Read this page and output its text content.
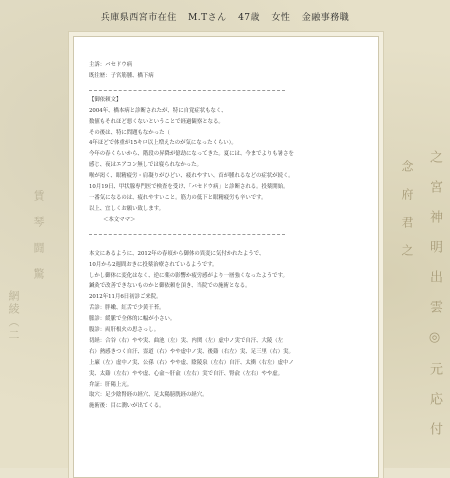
賃　琴　闘　驚
網綾（二	之　宮　神　明　出　雲　◎　元　応　付
念　府　君　之
兵庫県西宮市在住 M.Tさん 47歳 女性 金融事務職
主訴：バセドウ病
既往歴：子宮筋腫、橋下病
【御依頼文】
2004年、橋本病と診断されたが、特に自覚症状もなく、
数値もそれほど悪くないということで経過観察となる。
その後は、特に問題もなかった（
4年ほどで体重が15キロ以上増えたのが気になったくらい）。
今年の春くらいから、階段の昇降が億劫になってきた。夏には、今までよりも暑さを
感じ、夜はエアコン無しでは寝られなかった。
喉が渇く、眼精疲労・肩凝りがひどい、疲れやすい、首が腫れるなどの症状が続く。
10月19日、甲状腺専門医で検査を受け、「バセドウ病」と診断される。投薬開始。
一番気になるのは、疲れやすいこと。筋力の低下と眼精疲労も辛いです。
以上、宜しくお願い致します。
＜本文ママ＞
本文にあるように、2012年の春頃から御体の異変に気付かれたようで、
10月から2週間おきに投薬治療されているようです。
しかし御体に変化はなく、逆に薬の影響か疲労感がより一層強くなったようです。
鍼灸で改善できないものかと御依頼を頂き、当院での施術となる。
2012年11月6日初診ご来院。
舌診：胖嫩、紅舌で少黄干苔。
脈診：緩脈で全体的に幅が小さい。
腹診：両肝根火の思さっし。
切経：合谷（右）やや実、曲池（左）実、内関（左）虚中ノ実で自汗、大陵（左
右）熱感きつく自汗、霊道（右）やや虚中ノ実、後谿（右左）実、足三里（右）実。
上廉（左）虚中ノ実、公孫（右）やや虚、陰陵泉（左右）自汗、太衝（右左）虚中ノ
実、太谿（左右）やや虚、心兪～肝兪（左右）実で自汗、腎兪（左右）やや虚。
弁証：肝陽上亢。
取穴：足少陰腎経の経穴、足太陽膀胱経の経穴。
施術後：目に潤いが出てくる。
